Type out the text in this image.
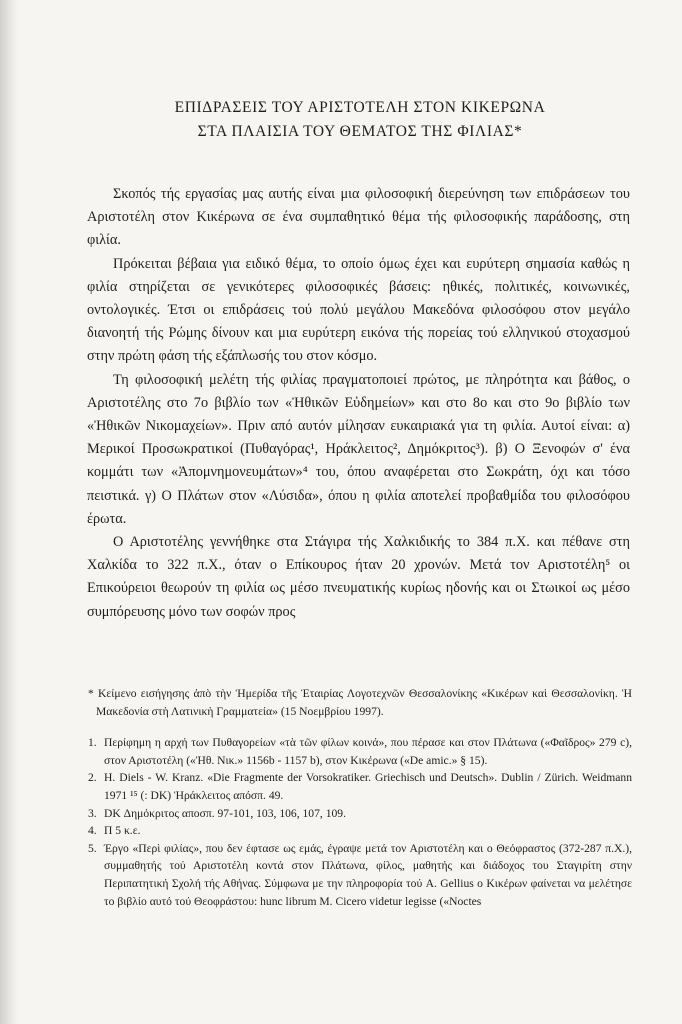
ΕΠΙΔΡΑΣΕΙΣ ΤΟΥ ΑΡΙΣΤΟΤΕΛΗ ΣΤΟΝ ΚΙΚΕΡΩΝΑ
ΣΤΑ ΠΛΑΙΣΙΑ ΤΟΥ ΘΕΜΑΤΟΣ ΤΗΣ ΦΙΛΙΑΣ*

Σκοπός τής εργασίας μας αυτής είναι μια φιλοσοφική διερεύνηση των επιδράσεων του Αριστοτέλη στον Κικέρωνα σε ένα συμπαθητικό θέμα τής φιλοσοφικής παράδοσης, στη φιλία.

Πρόκειται βέβαια για ειδικό θέμα, το οποίο όμως έχει και ευρύτερη σημασία καθώς η φιλία στηρίζεται σε γενικότερες φιλοσοφικές βάσεις: ηθικές, πολιτικές, κοινωνικές, οντολογικές. Έτσι οι επιδράσεις τού πολύ μεγάλου Μακεδόνα φιλοσόφου στον μεγάλο διανοητή τής Ρώμης δίνουν και μια ευρύτερη εικόνα τής πορείας τού ελληνικού στοχασμού στην πρώτη φάση τής εξάπλωσής του στον κόσμο.

Τη φιλοσοφική μελέτη τής φιλίας πραγματοποιεί πρώτος, με πληρότητα και βάθος, ο Αριστοτέλης στο 7ο βιβλίο των «Ἠθικῶν Εὐδημείων» και στο 8ο και στο 9ο βιβλίο των «Ἠθικῶν Νικομαχείων». Πριν από αυτόν μίλησαν ευκαιριακά για τη φιλία. Αυτοί είναι: α) Μερικοί Προσωκρατικοί (Πυθαγόρας¹, Ηράκλειτος², Δημόκριτος³). β) Ο Ξενοφών σ' ένα κομμάτι των «Ἀπομνημονευμάτων»⁴ του, όπου αναφέρεται στο Σωκράτη, όχι και τόσο πειστικά. γ) Ο Πλάτων στον «Λύσιδα», όπου η φιλία αποτελεί προβαθμίδα του φιλοσόφου έρωτα.

Ο Αριστοτέλης γεννήθηκε στα Στάγιρα τής Χαλκιδικής το 384 π.Χ. και πέθανε στη Χαλκίδα το 322 π.Χ., όταν ο Επίκουρος ήταν 20 χρονών. Μετά τον Αριστοτέλη⁵ οι Επικούρειοι θεωρούν τη φιλία ως μέσο πνευματικής κυρίως ηδονής και οι Στωικοί ως μέσο συμπόρευσης μόνο των σοφών προς

* Κείμενο εισήγησης ἀπὸ τὴν Ἡμερίδα τῆς Ἑταιρίας Λογοτεχνῶν Θεσσαλονίκης «Κικέρων καὶ Θεσσαλονίκη. Ἡ Μακεδονία στὴ Λατινικὴ Γραμματεία» (15 Νοεμβρίου 1997).

1. Περίφημη η αρχή των Πυθαγορείων «τὰ τῶν φίλων κοινά», που πέρασε και στον Πλάτωνα («Φαῖδρος» 279 c), στον Αριστοτέλη («Ἠθ. Νικ.» 1156b - 1157 b), στον Κικέρωνα («De amic.» § 15).
2. H. Diels - W. Kranz. «Die Fragmente der Vorsokratiker. Griechisch und Deutsch». Dublin / Zürich. Weidmann 1971 ¹⁵ (: DK) Ἡράκλειτος απόσπ. 49.
3. DK Δημόκριτος αποσπ. 97-101, 103, 106, 107, 109.
4. Π 5 κ.ε.
5. Έργο «Περὶ φιλίας», που δεν έφτασε ως εμάς, έγραψε μετά τον Αριστοτέλη και ο Θεόφραστος (372-287 π.Χ.), συμμαθητής τού Αριστοτέλη κοντά στον Πλάτωνα, φίλος, μαθητής και διάδοχος του Σταγιρίτη στην Περιπατητική Σχολή τής Αθήνας. Σύμφωνα με την πληροφορία τού A. Gellius ο Κικέρων φαίνεται να μελέτησε το βιβλίο αυτό τού Θεοφράστου: hunc librum M. Cicero videtur legisse («Noctes
